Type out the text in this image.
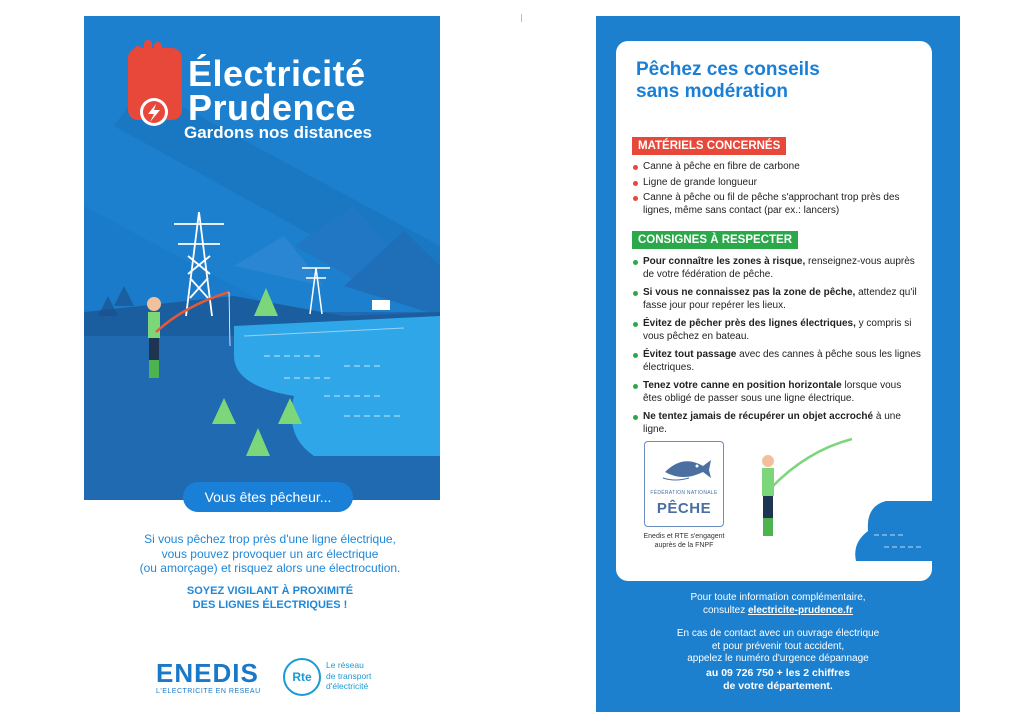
Électricité
Prudence
Gardons nos distances
Vous êtes pêcheur...
Si vous pêchez trop près d'une ligne électrique,
vous pouvez provoquer un arc électrique
(ou amorçage) et risquez alors une électrocution.
SOYEZ VIGILANT À PROXIMITÉ
DES LIGNES ÉLECTRIQUES !
ENEDIS
L'ELECTRICITE EN RESEAU
Rte
Le réseau
de transport
d'électricité
Pêchez ces conseils
sans modération
MATÉRIELS CONCERNÉS
Canne à pêche en fibre de carbone
Ligne de grande longueur
Canne à pêche ou fil de pêche s'approchant trop près des lignes, même sans contact (par ex.: lancers)
CONSIGNES À RESPECTER
Pour connaître les zones à risque, renseignez-vous auprès de votre fédération de pêche.
Si vous ne connaissez pas la zone de pêche, attendez qu'il fasse jour pour repérer les lieux.
Évitez de pêcher près des lignes électriques, y compris si vous pêchez en bateau.
Évitez tout passage avec des cannes à pêche sous les lignes électriques.
Tenez votre canne en position horizontale lorsque vous êtes obligé de passer sous une ligne électrique.
Ne tentez jamais de récupérer un objet accroché à une ligne.
FÉDÉRATION NATIONALE
PÊCHE
Enedis et RTE s'engagent
auprès de la FNPF
Pour toute information complémentaire,
consultez electricite-prudence.fr
En cas de contact avec un ouvrage électrique
et pour prévenir tout accident,
appelez le numéro d'urgence dépannage
au 09 726 750 + les 2 chiffres
de votre département.
